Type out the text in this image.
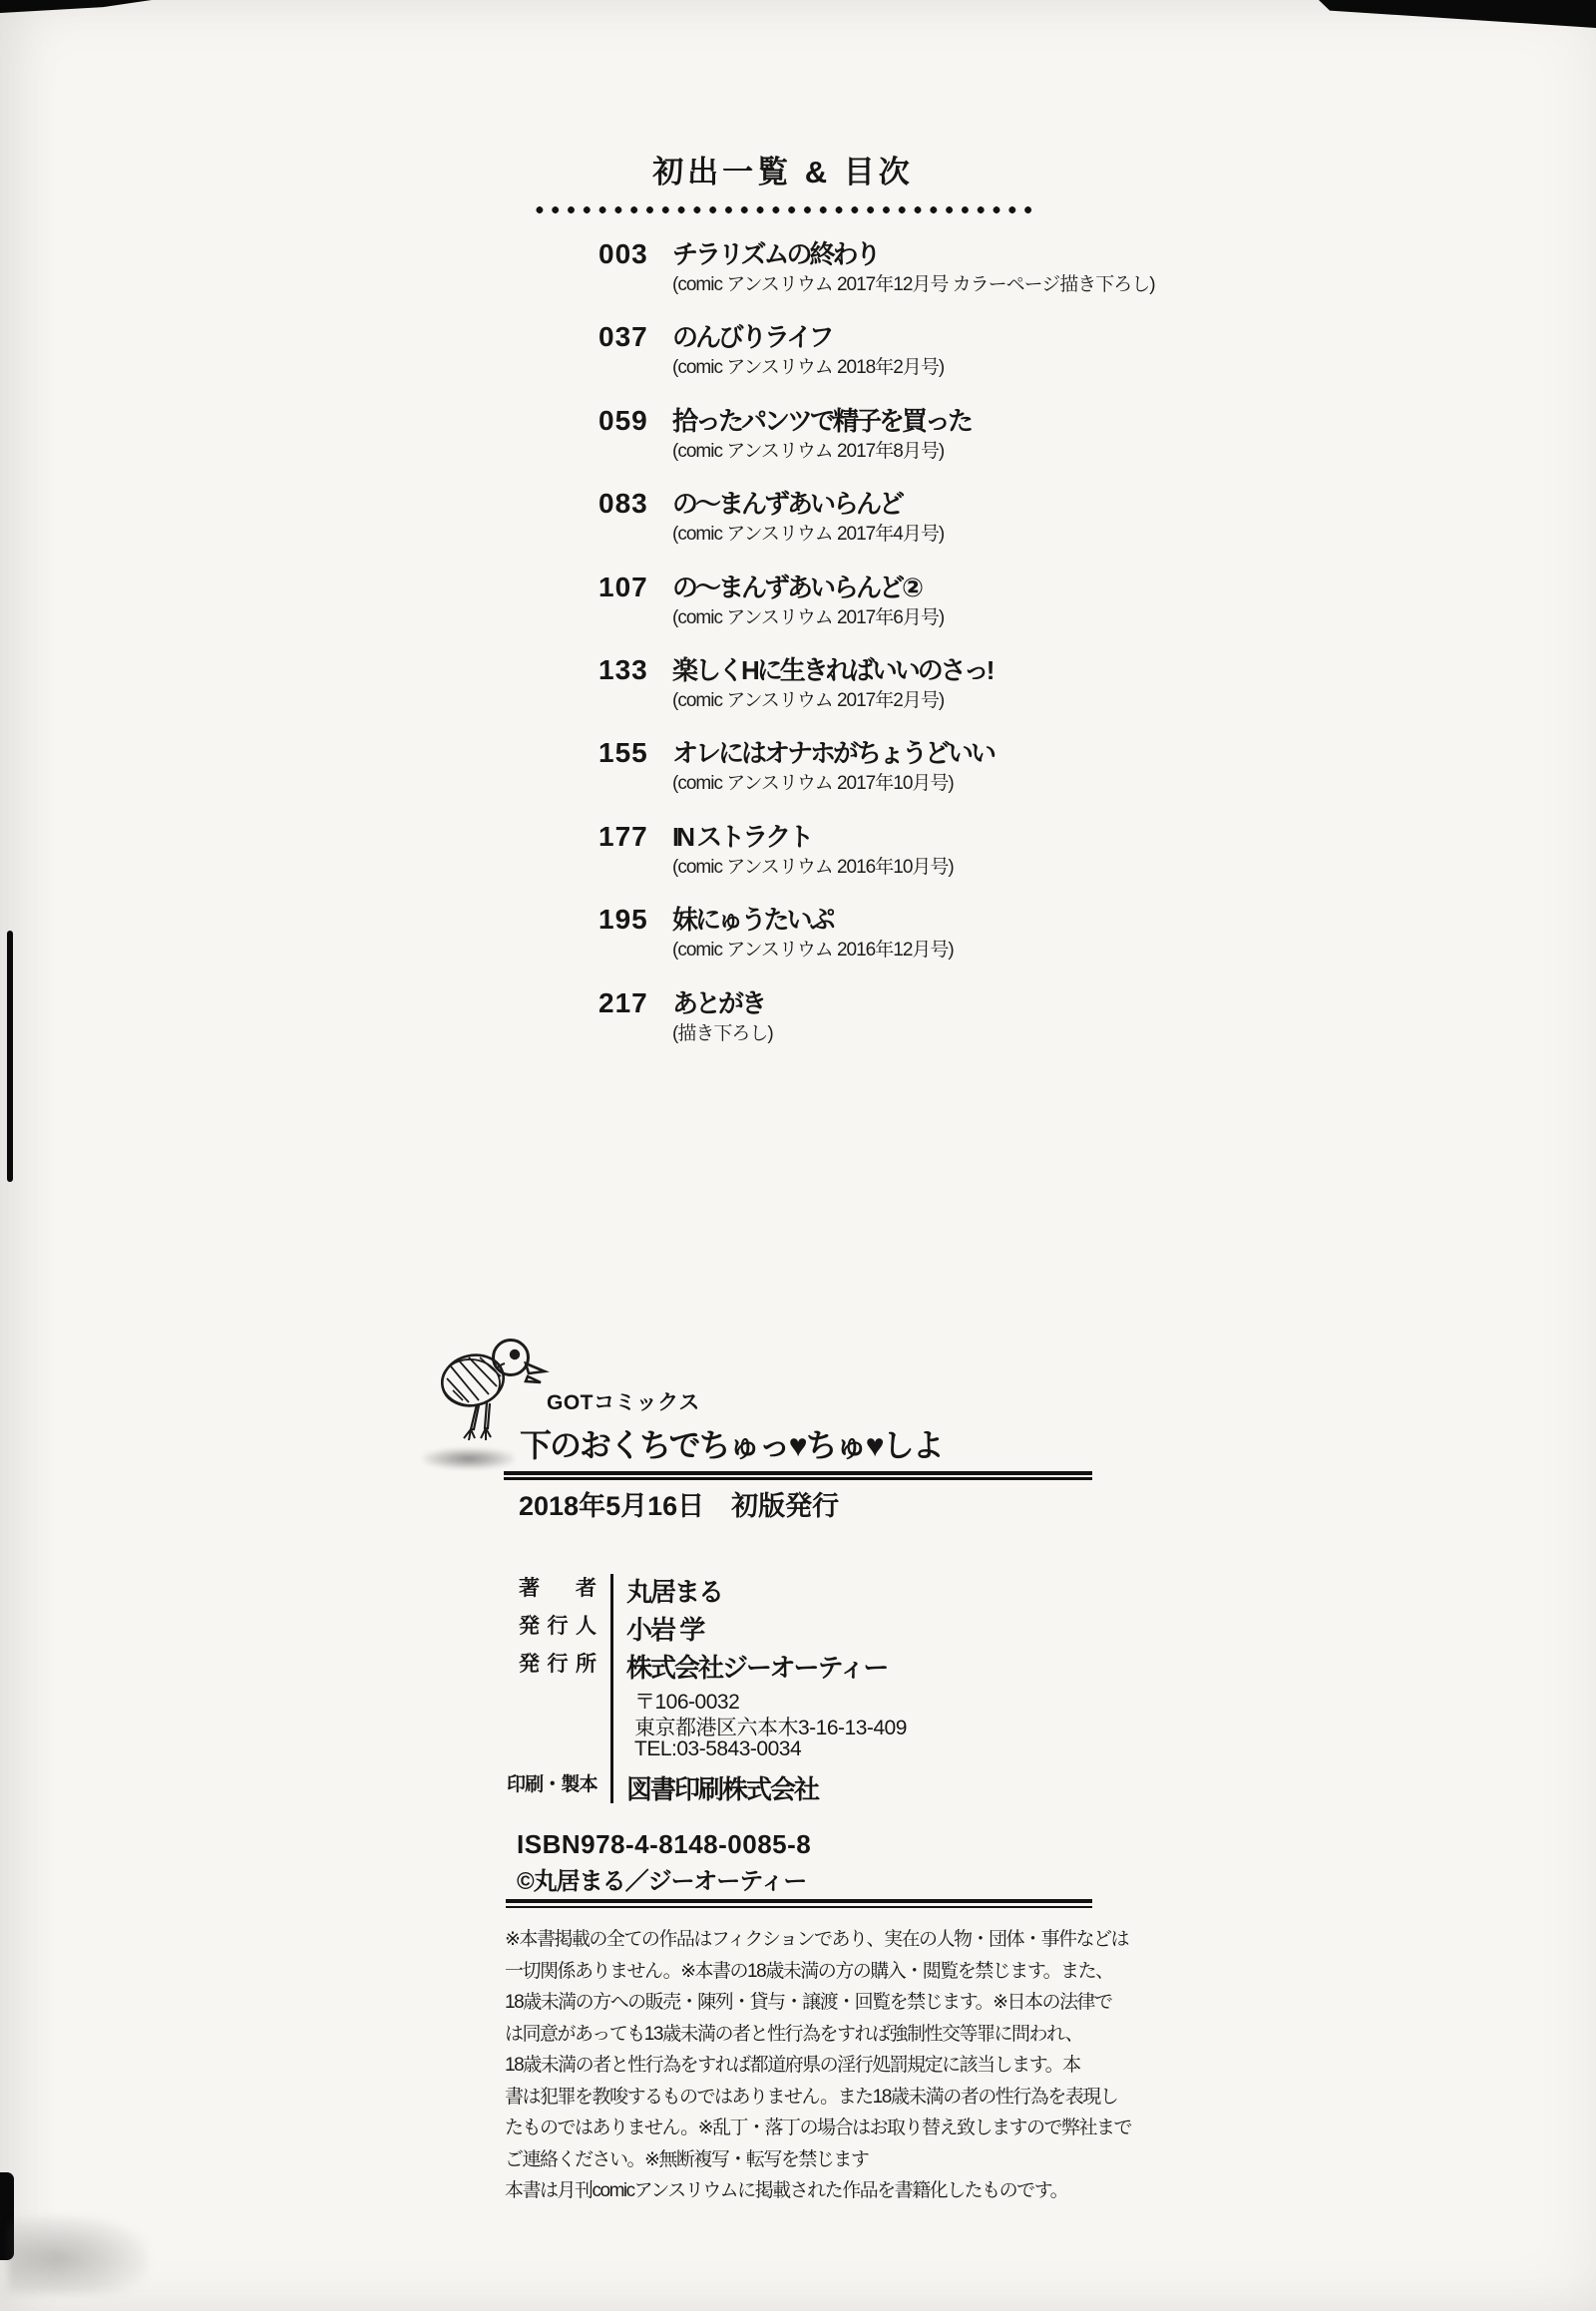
初出一覧 & 目次
003 チラリズムの終わり
(comic アンスリウム 2017年12月号 カラーページ描き下ろし)
037 のんびりライフ
(comic アンスリウム 2018年2月号)
059 拾ったパンツで精子を買った
(comic アンスリウム 2017年8月号)
083 の〜まんずあいらんど
(comic アンスリウム 2017年4月号)
107 の〜まんずあいらんど②
(comic アンスリウム 2017年6月号)
133 楽しくHに生きればいいのさっ!
(comic アンスリウム 2017年2月号)
155 オレにはオナホがちょうどいい
(comic アンスリウム 2017年10月号)
177 IN ストラクト
(comic アンスリウム 2016年10月号)
195 妹にゅうたいぷ
(comic アンスリウム 2016年12月号)
217 あとがき
(描き下ろし)
GOTコミックス
下のおくちでちゅっ♥ちゅ♥しよ
2018年5月16日　初版発行
著者	丸居まる
発行人	小岩 学
発行所	株式会社ジーオーティー
〒106-0032
東京都港区六本木3-16-13-409
TEL:03-5843-0034
印刷・製本	図書印刷株式会社
ISBN978-4-8148-0085-8
©丸居まる／ジーオーティー
※本書掲載の全ての作品はフィクションであり、実在の人物・団体・事件などは
一切関係ありません。※本書の18歳未満の方の購入・閲覧を禁じます。また、
18歳未満の方への販売・陳列・貸与・譲渡・回覧を禁じます。※日本の法律で
は同意があっても13歳未満の者と性行為をすれば強制性交等罪に問われ、
18歳未満の者と性行為をすれば都道府県の淫行処罰規定に該当します。本
書は犯罪を教唆するものではありません。また18歳未満の者の性行為を表現し
たものではありません。※乱丁・落丁の場合はお取り替え致しますので弊社まで
ご連絡ください。※無断複写・転写を禁じます
本書は月刊comicアンスリウムに掲載された作品を書籍化したものです。
